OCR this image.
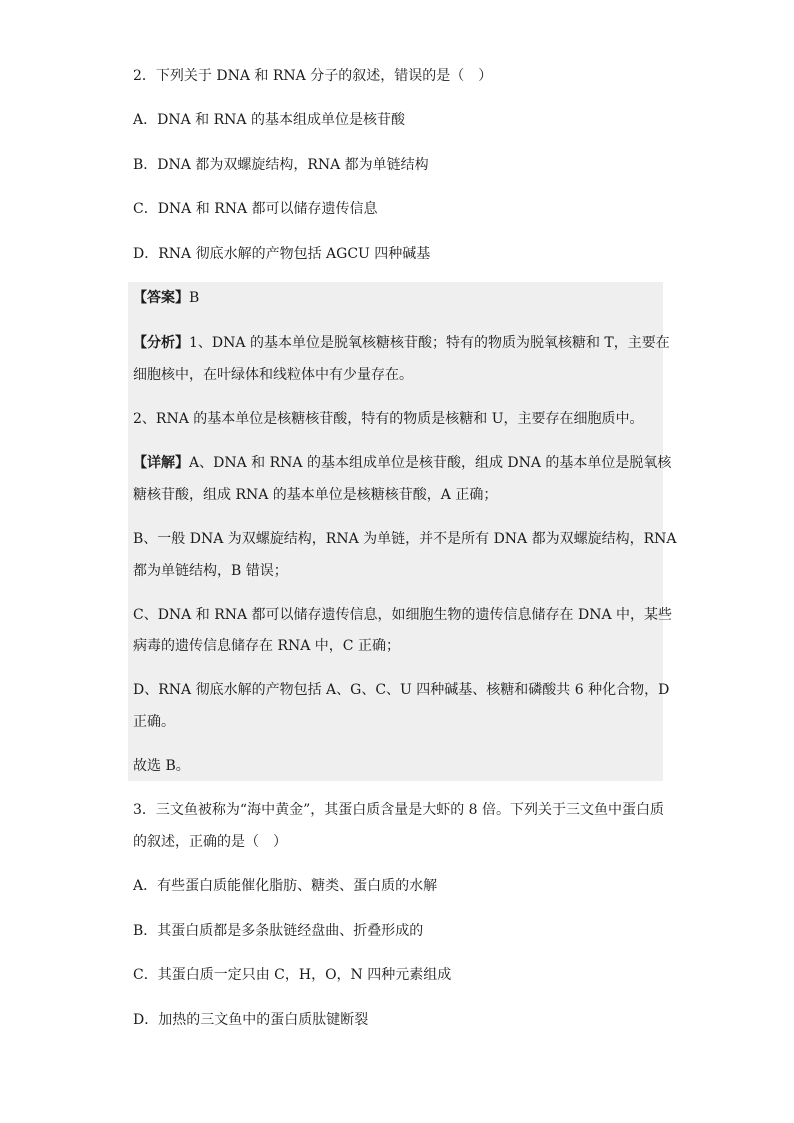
2．下列关于 DNA 和 RNA 分子的叙述，错误的是（　）
A．DNA 和 RNA 的基本组成单位是核苷酸
B．DNA 都为双螺旋结构，RNA 都为单链结构
C．DNA 和 RNA 都可以储存遗传信息
D．RNA 彻底水解的产物包括 AGCU 四种碱基
【答案】B
【分析】1、DNA 的基本单位是脱氧核糖核苷酸；特有的物质为脱氧核糖和 T，主要在
细胞核中，在叶绿体和线粒体中有少量存在。
2、RNA 的基本单位是核糖核苷酸，特有的物质是核糖和 U，主要存在细胞质中。
【详解】A、DNA 和 RNA 的基本组成单位是核苷酸，组成 DNA 的基本单位是脱氧核
糖核苷酸，组成 RNA 的基本单位是核糖核苷酸，A 正确；
B、一般 DNA 为双螺旋结构，RNA 为单链，并不是所有 DNA 都为双螺旋结构，RNA
都为单链结构，B 错误；
C、DNA 和 RNA 都可以储存遗传信息，如细胞生物的遗传信息储存在 DNA 中，某些
病毒的遗传信息储存在 RNA 中，C 正确；
D、RNA 彻底水解的产物包括 A、G、C、U 四种碱基、核糖和磷酸共 6 种化合物，D
正确。
故选 B。
3．三文鱼被称为“海中黄金”，其蛋白质含量是大虾的 8 倍。下列关于三文鱼中蛋白质
的叙述，正确的是（　）
A．有些蛋白质能催化脂肪、糖类、蛋白质的水解
B．其蛋白质都是多条肽链经盘曲、折叠形成的
C．其蛋白质一定只由 C，H，O，N 四种元素组成
D．加热的三文鱼中的蛋白质肽键断裂
